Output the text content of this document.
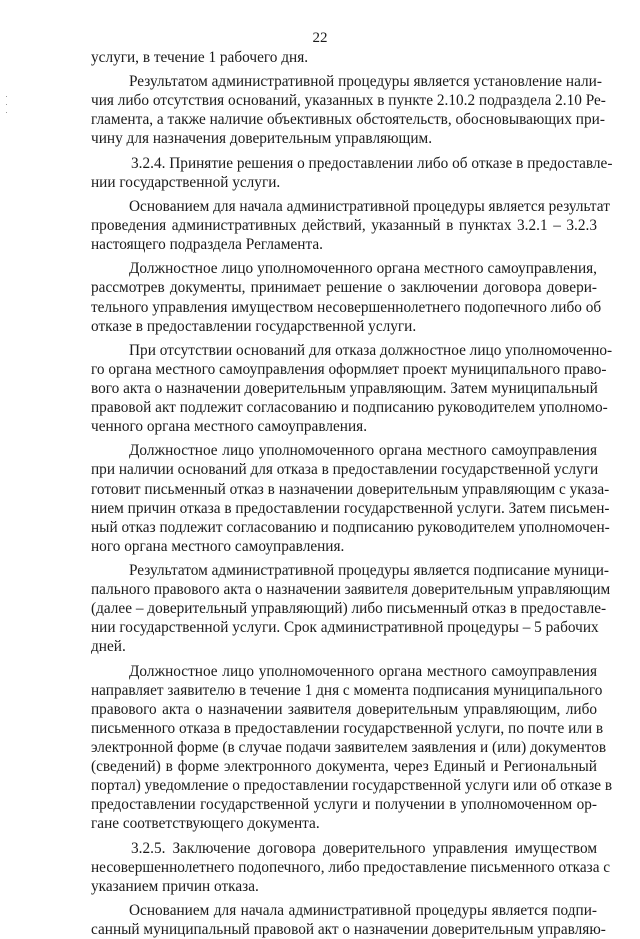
22

услуги, в течение 1 рабочего дня.

Результатом административной процедуры является установление нали-
чия либо отсутствия оснований, указанных в пункте 2.10.2 подраздела 2.10 Ре-
гламента, а также наличие объективных обстоятельств, обосновывающих при-
чину для назначения доверительным управляющим.

3.2.4. Принятие решения о предоставлении либо об отказе в предоставле-
нии государственной услуги.

Основанием для начала административной процедуры является результат
проведения административных действий, указанный в пунктах 3.2.1 – 3.2.3
настоящего подраздела Регламента.

Должностное лицо уполномоченного органа местного самоуправления,
рассмотрев документы, принимает решение о заключении договора довери-
тельного управления имуществом несовершеннолетнего подопечного либо об
отказе в предоставлении государственной услуги.

При отсутствии оснований для отказа должностное лицо уполномоченно-
го органа местного самоуправления оформляет проект муниципального право-
вого акта о назначении доверительным управляющим. Затем муниципальный
правовой акт подлежит согласованию и подписанию руководителем уполномо-
ченного органа местного самоуправления.

Должностное лицо уполномоченного органа местного самоуправления
при наличии оснований для отказа в предоставлении государственной услуги
готовит письменный отказ в назначении доверительным управляющим с указа-
нием причин отказа в предоставлении государственной услуги. Затем письмен-
ный отказ подлежит согласованию и подписанию руководителем уполномочен-
ного органа местного самоуправления.

Результатом административной процедуры является подписание муници-
пального правового акта о назначении заявителя доверительным управляющим
(далее – доверительный управляющий) либо письменный отказ в предоставле-
нии государственной услуги. Срок административной процедуры – 5 рабочих
дней.

Должностное лицо уполномоченного органа местного самоуправления
направляет заявителю в течение 1 дня с момента подписания муниципального
правового акта о назначении заявителя доверительным управляющим, либо
письменного отказа в предоставлении государственной услуги, по почте или в
электронной форме (в случае подачи заявителем заявления и (или) документов
(сведений) в форме электронного документа, через Единый и Региональный
портал) уведомление о предоставлении государственной услуги или об отказе в
предоставлении государственной услуги и получении в уполномоченном ор-
гане соответствующего документа.

3.2.5. Заключение договора доверительного управления имуществом
несовершеннолетнего подопечного, либо предоставление письменного отказа с
указанием причин отказа.

Основанием для начала административной процедуры является подпи-
санный муниципальный правовой акт о назначении доверительным управляю-
